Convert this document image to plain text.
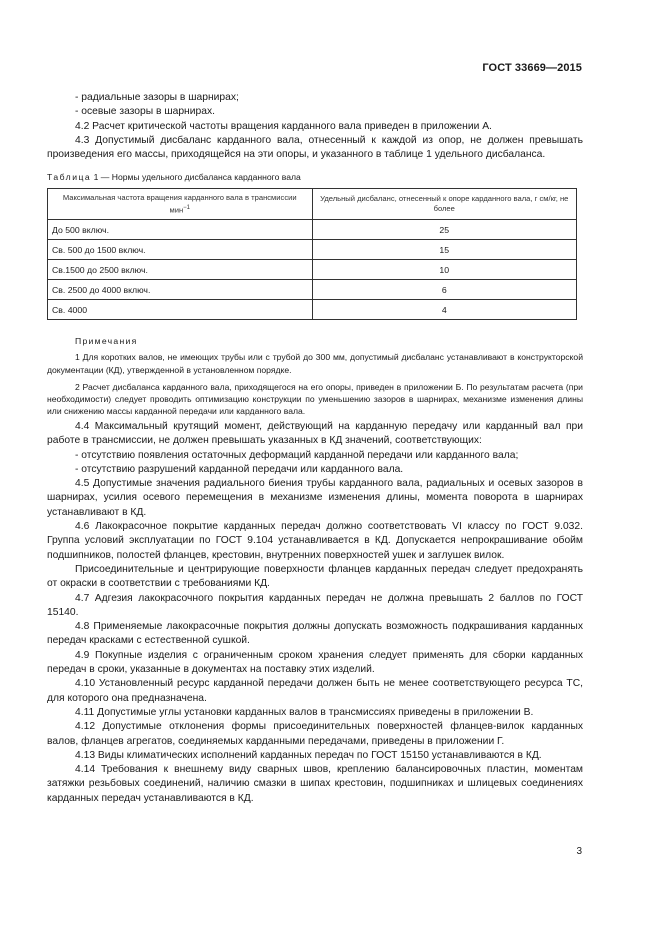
ГОСТ 33669—2015

- радиальные зазоры в шарнирах;

- осевые зазоры в шарнирах.

4.2 Расчет критической частоты вращения карданного вала приведен в приложении А.

4.3 Допустимый дисбаланс карданного вала, отнесенный к каждой из опор, не должен превышать произведения его массы, приходящейся на эти опоры, и указанного в таблице 1 удельного дисбаланса.

Таблица 1 — Нормы удельного дисбаланса карданного вала
Максимальная частота вращения карданного вала в трансмиссии мин$^{-1}$	Удельный дисбаланс, отнесенный к опоре карданного вала, г см/кг, не более
До 500 включ.	25
Св. 500 до 1500 включ.	15
Св.1500 до 2500 включ.	10
Св. 2500 до 4000 включ.	6
Св. 4000	4

Примечания

1 Для коротких валов, не имеющих трубы или с трубой до 300 мм, допустимый дисбаланс устанавливают в конструкторской документации (КД), утвержденной в установленном порядке.

2 Расчет дисбаланса карданного вала, приходящегося на его опоры, приведен в приложении Б. По результатам расчета (при необходимости) следует проводить оптимизацию конструкции по уменьшению зазоров в шарнирах, механизме изменения длины или снижению массы карданной передачи или карданного вала.

4.4 Максимальный крутящий момент, действующий на карданную передачу или карданный вал при работе в трансмиссии, не должен превышать указанных в КД значений, соответствующих:

- отсутствию появления остаточных деформаций карданной передачи или карданного вала;

- отсутствию разрушений карданной передачи или карданного вала.

4.5 Допустимые значения радиального биения трубы карданного вала, радиальных и осевых зазоров в шарнирах, усилия осевого перемещения в механизме изменения длины, момента поворота в шарнирах устанавливают в КД.

4.6 Лакокрасочное покрытие карданных передач должно соответствовать VI классу по ГОСТ 9.032. Группа условий эксплуатации по ГОСТ 9.104 устанавливается в КД. Допускается непрокрашивание обойм подшипников, полостей фланцев, крестовин, внутренних поверхностей ушек и заглушек вилок.

Присоединительные и центрирующие поверхности фланцев карданных передач следует предохранять от окраски в соответствии с требованиями КД.

4.7 Адгезия лакокрасочного покрытия карданных передач не должна превышать 2 баллов по ГОСТ 15140.

4.8 Применяемые лакокрасочные покрытия должны допускать возможность подкрашивания карданных передач красками с естественной сушкой.

4.9 Покупные изделия с ограниченным сроком хранения следует применять для сборки карданных передач в сроки, указанные в документах на поставку этих изделий.

4.10 Установленный ресурс карданной передачи должен быть не менее соответствующего ресурса ТС, для которого она предназначена.

4.11 Допустимые углы установки карданных валов в трансмиссиях приведены в приложении В.

4.12 Допустимые отклонения формы присоединительных поверхностей фланцев-вилок карданных валов, фланцев агрегатов, соединяемых карданными передачами, приведены в приложении Г.

4.13 Виды климатических исполнений карданных передач по ГОСТ 15150 устанавливаются в КД.

4.14 Требования к внешнему виду сварных швов, креплению балансировочных пластин, моментам затяжки резьбовых соединений, наличию смазки в шипах крестовин, подшипниках и шлицевых соединениях карданных передач устанавливаются в КД.

3
